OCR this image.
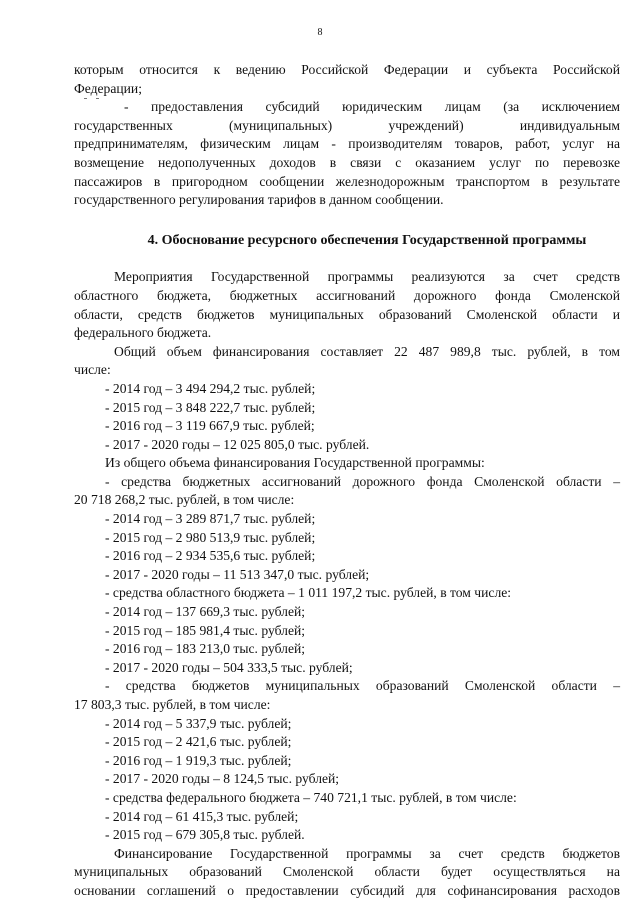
8
которым относится к ведению Российской Федерации и субъекта Российской
Федерации;
- предоставления субсидий юридическим лицам (за исключением
государственных (муниципальных) учреждений) индивидуальным
предпринимателям, физическим лицам - производителям товаров, работ, услуг на
возмещение недополученных доходов в связи с оказанием услуг по перевозке
пассажиров в пригородном сообщении железнодорожным транспортом в результате
государственного регулирования тарифов в данном сообщении.
4. Обоснование ресурсного обеспечения Государственной программы
Мероприятия Государственной программы реализуются за счет средств
областного бюджета, бюджетных ассигнований дорожного фонда Смоленской
области, средств бюджетов муниципальных образований Смоленской области и
федерального бюджета.
Общий объем финансирования составляет 22 487 989,8 тыс. рублей, в том
числе:
- 2014 год – 3 494 294,2 тыс. рублей;
- 2015 год – 3 848 222,7 тыс. рублей;
- 2016 год – 3 119 667,9 тыс. рублей;
- 2017 - 2020 годы – 12 025 805,0 тыс. рублей.
Из общего объема финансирования Государственной программы:
- средства бюджетных ассигнований дорожного фонда Смоленской области –
20 718 268,2 тыс. рублей, в том числе:
- 2014 год – 3 289 871,7 тыс. рублей;
- 2015 год – 2 980 513,9 тыс. рублей;
- 2016 год – 2 934 535,6 тыс. рублей;
- 2017 - 2020 годы – 11 513 347,0 тыс. рублей;
- средства областного бюджета – 1 011 197,2 тыс. рублей, в том числе:
- 2014 год – 137 669,3 тыс. рублей;
- 2015 год – 185 981,4 тыс. рублей;
- 2016 год – 183 213,0 тыс. рублей;
- 2017 - 2020 годы – 504 333,5 тыс. рублей;
- средства бюджетов муниципальных образований Смоленской области –
17 803,3 тыс. рублей, в том числе:
- 2014 год – 5 337,9 тыс. рублей;
- 2015 год – 2 421,6 тыс. рублей;
- 2016 год – 1 919,3 тыс. рублей;
- 2017 - 2020 годы – 8 124,5 тыс. рублей;
- средства федерального бюджета – 740 721,1 тыс. рублей, в том числе:
- 2014 год – 61 415,3 тыс. рублей;
- 2015 год – 679 305,8 тыс. рублей.
Финансирование Государственной программы за счет средств бюджетов
муниципальных образований Смоленской области будет осуществляться на
основании соглашений о предоставлении субсидий для софинансирования расходов
